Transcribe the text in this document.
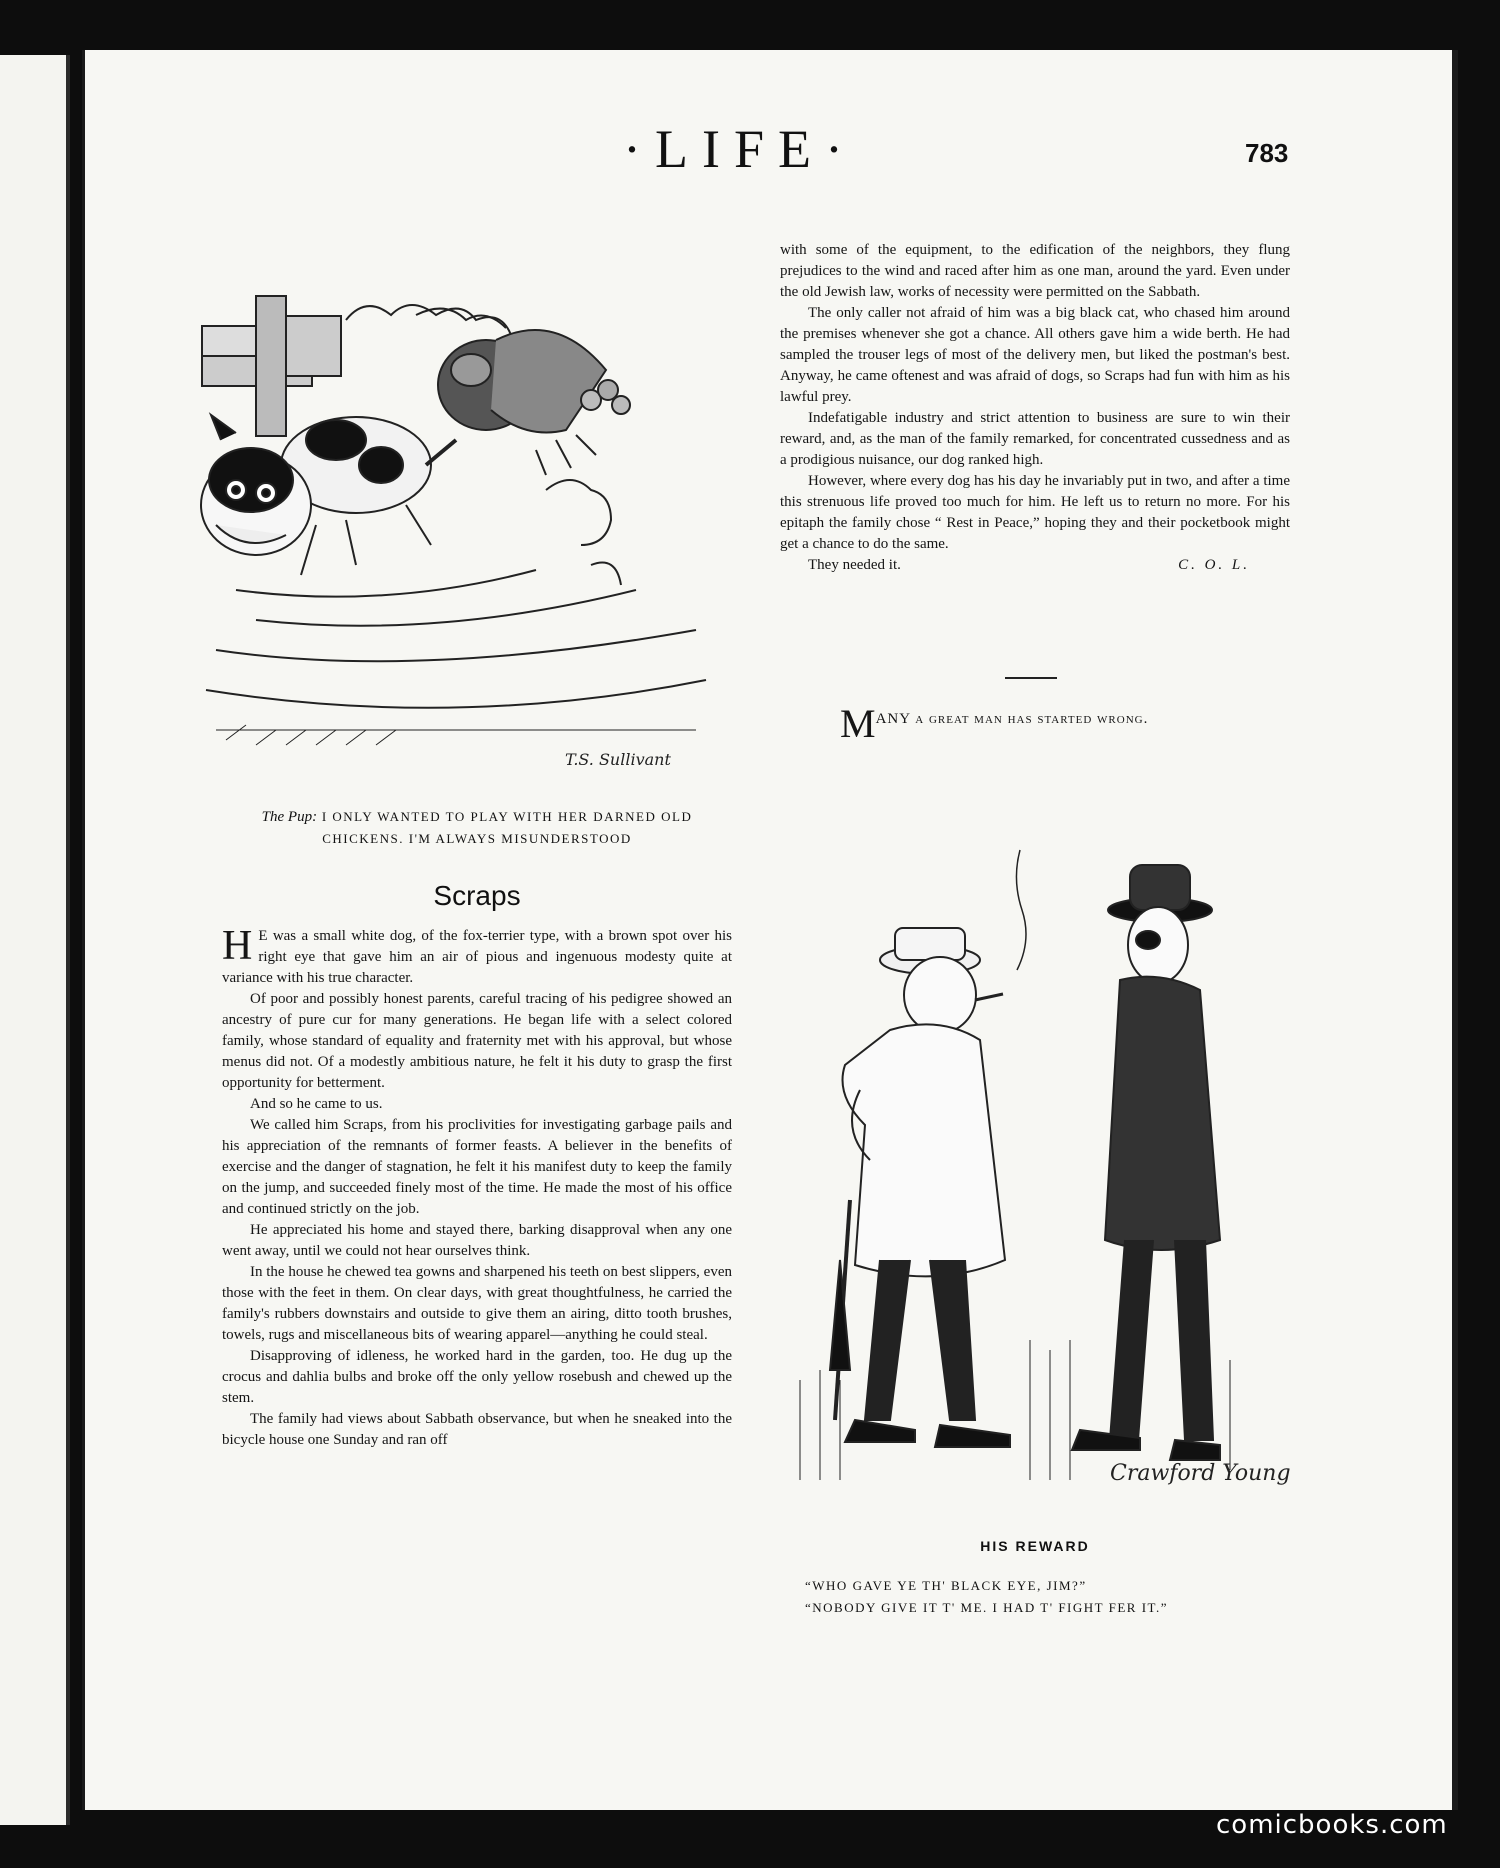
·LIFE·	783
The Pup: I ONLY WANTED TO PLAY WITH HER DARNED OLD
CHICKENS. I'M ALWAYS MISUNDERSTOOD
Scraps

H E was a small white dog, of the fox-terrier type, with a brown spot over his right eye that gave him an air of pious and ingenuous modesty quite at variance with his true character.

Of poor and possibly honest parents, careful tracing of his pedigree showed an ancestry of pure cur for many generations. He began life with a select colored family, whose standard of equality and fraternity met with his approval, but whose menus did not. Of a modestly ambitious nature, he felt it his duty to grasp the first opportunity for betterment.

And so he came to us.

We called him Scraps, from his proclivities for investigating garbage pails and his appreciation of the remnants of former feasts. A believer in the benefits of exercise and the danger of stagnation, he felt it his manifest duty to keep the family on the jump, and succeeded finely most of the time. He made the most of his office and continued strictly on the job.

He appreciated his home and stayed there, barking disapproval when any one went away, until we could not hear ourselves think.

In the house he chewed tea gowns and sharpened his teeth on best slippers, even those with the feet in them. On clear days, with great thoughtfulness, he carried the family's rubbers downstairs and outside to give them an airing, ditto tooth brushes, towels, rugs and miscellaneous bits of wearing apparel—anything he could steal.

Disapproving of idleness, he worked hard in the garden, too. He dug up the crocus and dahlia bulbs and broke off the only yellow rosebush and chewed up the stem.

The family had views about Sabbath observance, but when he sneaked into the bicycle house one Sunday and ran off

with some of the equipment, to the edification of the neighbors, they flung prejudices to the wind and raced after him as one man, around the yard. Even under the old Jewish law, works of necessity were permitted on the Sabbath.

The only caller not afraid of him was a big black cat, who chased him around the premises whenever she got a chance. All others gave him a wide berth. He had sampled the trouser legs of most of the delivery men, but liked the postman's best. Anyway, he came oftenest and was afraid of dogs, so Scraps had fun with him as his lawful prey.

Indefatigable industry and strict attention to business are sure to win their reward, and, as the man of the family remarked, for concentrated cussedness and as a prodigious nuisance, our dog ranked high.

However, where every dog has his day he invariably put in two, and after a time this strenuous life proved too much for him. He left us to return no more. For his epitaph the family chose “ Rest in Peace,” hoping they and their pocketbook might get a chance to do the same.

They needed it.	C. O. L.
MANY a great man has started wrong.
Crawford Young
HIS REWARD
“WHO GAVE YE TH' BLACK EYE, JIM?”
“NOBODY GIVE IT T' ME. I HAD T' FIGHT FER IT.”
T.S. Sullivant
comicbooks.com
